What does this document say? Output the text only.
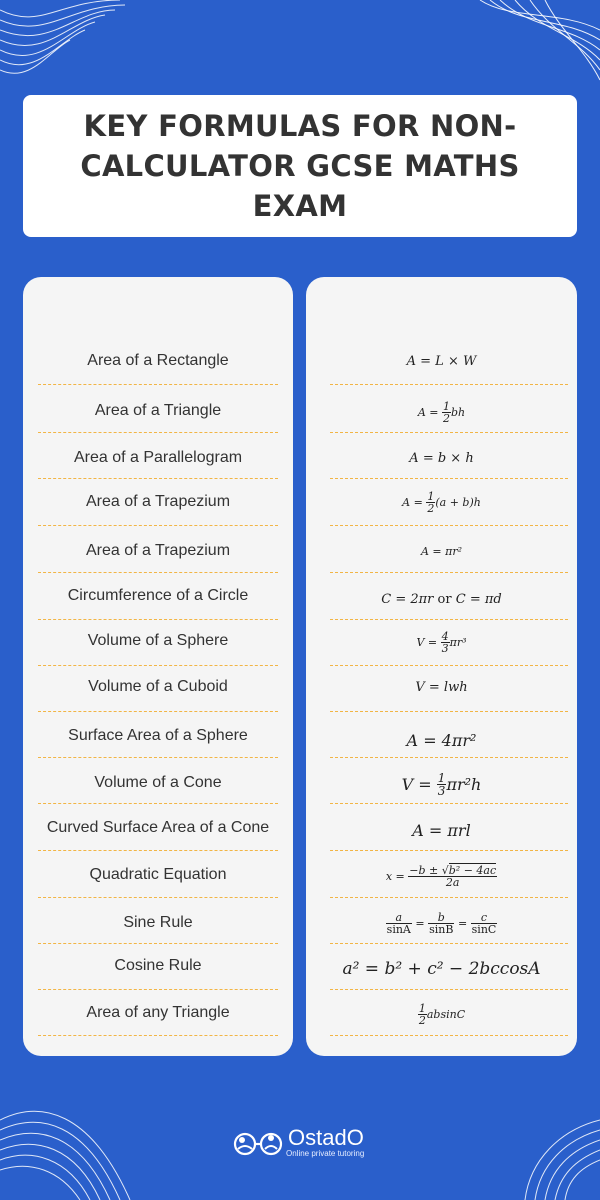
KEY FORMULAS FOR NON-CALCULATOR GCSE MATHS EXAM
Area of a Rectangle
Area of a Triangle
Area of a Parallelogram
Area of a Trapezium
Area of a Trapezium
Circumference of a Circle
Volume of a Sphere
Volume of a Cuboid
Surface Area of a Sphere
Volume of a Cone
Curved Surface Area of a Cone
Quadratic Equation
Sine Rule
Cosine Rule
Area of any Triangle
A = L × W
A =
$\frac{1}{2}$ bh
A = b × h
A =
$\frac{1}{2} (a + b)h$
A = πr²
C = 2πr
or
C = πd
V =
$\frac{4}{3} \pi r^3$
V = lwh
A = 4πr²
V =
$\frac{1}{3} \pi r^2h$
A = πrl
x =
$\frac{\text{−b ± √b² − 4ac}}{2a}$
$\frac{a}{\sin A}$
=
$\frac{b}{\sin B}$
=
$\frac{c}{\sin C}$
a² = b² + c² − 2bccosA
$\frac{1}{2}$ absinC
OstadO
Online private tutoring
